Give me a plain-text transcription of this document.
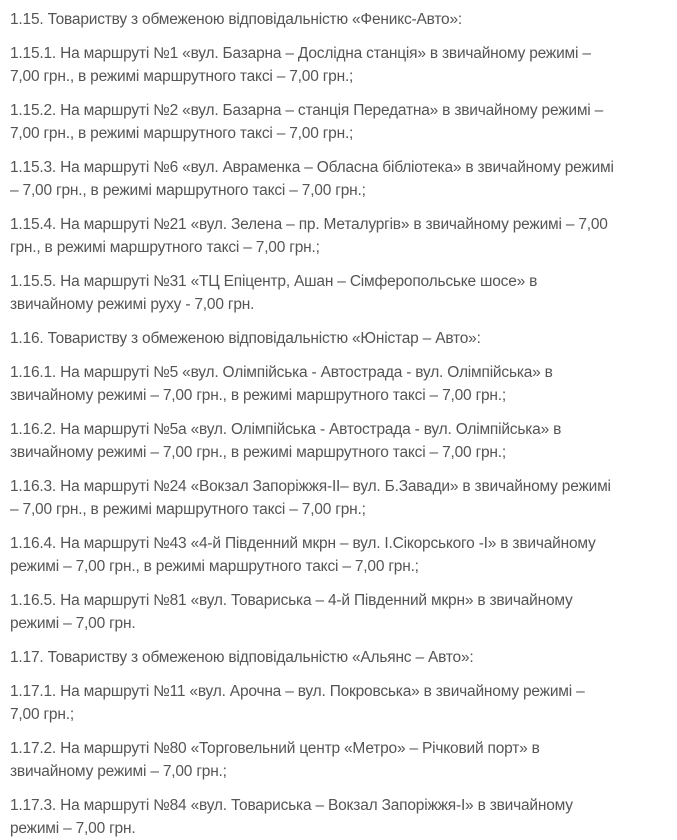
1.15. Товариству з обмеженою відповідальністю «Феникс-Авто»:

1.15.1. На маршруті №1 «вул. Базарна – Дослідна станція» в звичайному режимі –
7,00 грн., в режимі маршрутного таксі – 7,00 грн.;

1.15.2. На маршруті №2 «вул. Базарна – станція Передатна» в звичайному режимі –
7,00 грн., в режимі маршрутного таксі – 7,00 грн.;

1.15.3. На маршруті №6 «вул. Авраменка – Обласна бібліотека» в звичайному режимі
– 7,00 грн., в режимі маршрутного таксі – 7,00 грн.;

1.15.4. На маршруті №21 «вул. Зелена – пр. Металургів» в звичайному режимі – 7,00
грн., в режимі маршрутного таксі – 7,00 грн.;

1.15.5. На маршруті №31 «ТЦ Епіцентр, Ашан – Сімферопольське шосе» в
звичайному режимі руху - 7,00 грн.

1.16. Товариству з обмеженою відповідальністю «Юністар – Авто»:

1.16.1. На маршруті №5 «вул. Олімпійська - Автострада - вул. Олімпійська» в
звичайному режимі – 7,00 грн., в режимі маршрутного таксі – 7,00 грн.;

1.16.2. На маршруті №5а «вул. Олімпійська - Автострада - вул. Олімпійська» в
звичайному режимі – 7,00 грн., в режимі маршрутного таксі – 7,00 грн.;

1.16.3. На маршруті №24 «Вокзал Запоріжжя-ІІ– вул. Б.Завади» в звичайному режимі
– 7,00 грн., в режимі маршрутного таксі – 7,00 грн.;

1.16.4. На маршруті №43 «4-й Південний мкрн – вул. І.Сікорського -І» в звичайному
режимі – 7,00 грн., в режимі маршрутного таксі – 7,00 грн.;

1.16.5. На маршруті №81 «вул. Товариська – 4-й Південний мкрн» в звичайному
режимі – 7,00 грн.

1.17. Товариству з обмеженою відповідальністю «Альянс – Авто»:

1.17.1. На маршруті №11 «вул. Арочна – вул. Покровська» в звичайному режимі –
7,00 грн.;

1.17.2. На маршруті №80 «Торговельний центр «Метро» – Річковий порт» в
звичайному режимі – 7,00 грн.;

1.17.3. На маршруті №84 «вул. Товариська – Вокзал Запоріжжя-І» в звичайному
режимі – 7,00 грн.
